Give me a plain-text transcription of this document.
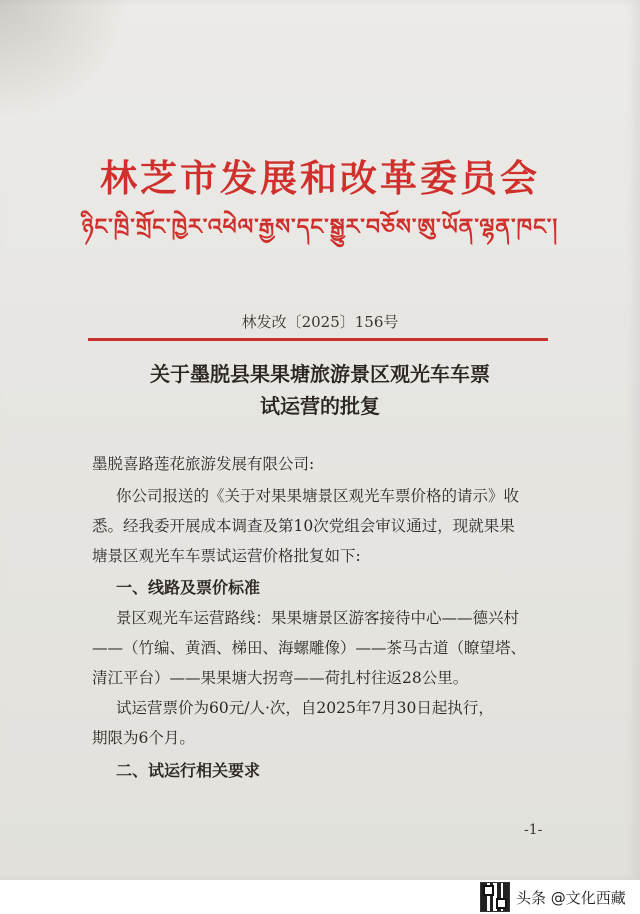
林芝市发展和改革委员会
ཉིང་ཁྲི་གྲོང་ཁྱེར་འཕེལ་རྒྱས་དང་སྒྱུར་བཅོས་ཨུ་ཡོན་ལྷན་ཁང་།
林发改〔2025〕156号
关于墨脱县果果塘旅游景区观光车车票
试运营的批复
墨脱喜路莲花旅游发展有限公司:
你公司报送的《关于对果果塘景区观光车票价格的请示》收
悉。经我委开展成本调查及第10次党组会审议通过，现就果果
塘景区观光车车票试运营价格批复如下:
一、线路及票价标准
景区观光车运营路线：果果塘景区游客接待中心——德兴村
——（竹编、黄酒、梯田、海螺雕像）——茶马古道（瞭望塔、
清江平台）——果果塘大拐弯——荷扎村往返28公里。
试运营票价为60元/人·次，自2025年7月30日起执行，
期限为6个月。
二、试运行相关要求
-1-
头条 @文化西藏
